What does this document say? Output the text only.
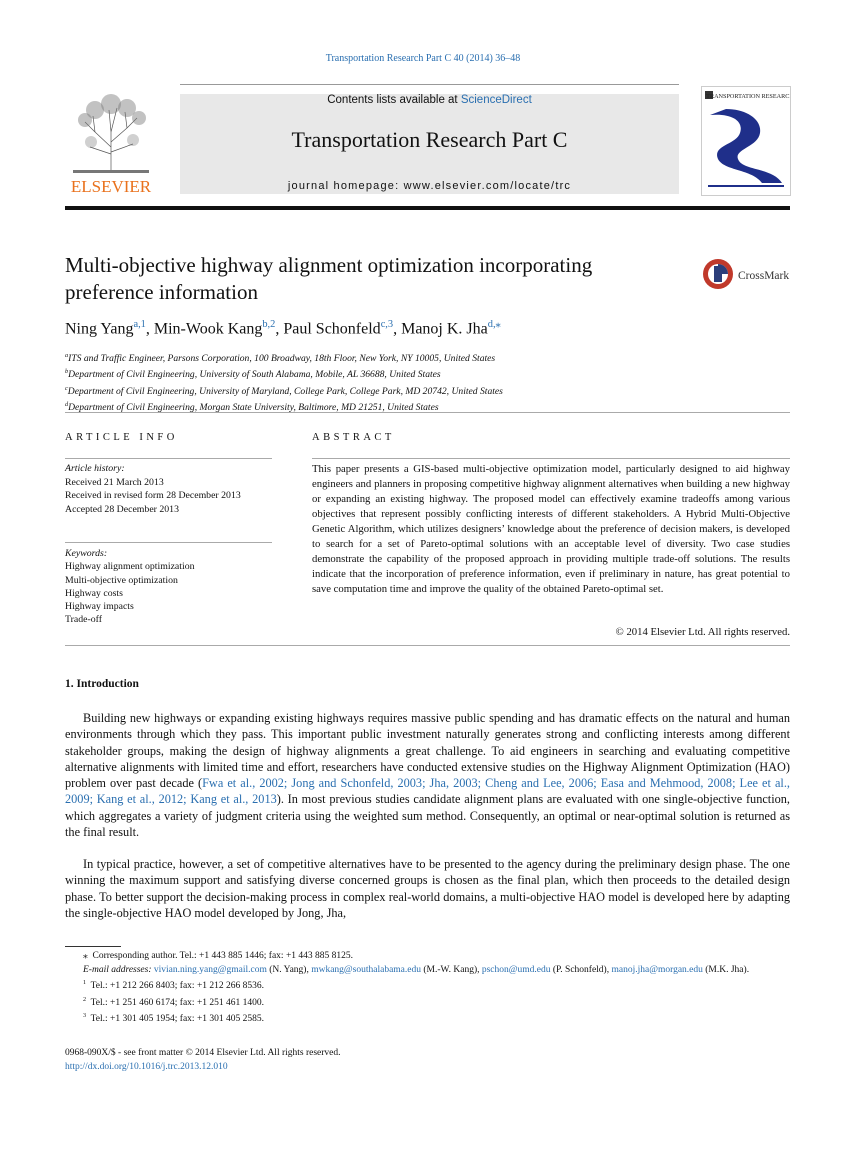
Transportation Research Part C 40 (2014) 36–48
ELSEVIER
Contents lists available at ScienceDirect
Transportation Research Part C
journal homepage: www.elsevier.com/locate/trc
TRANSPORTATION RESEARCH
Multi-objective highway alignment optimization incorporating preference information
CrossMark
Ning Yang$^{a,1}$, Min-Wook Kang$^{b,2}$, Paul Schonfeld$^{c,3}$, Manoj K. Jha$^{d,⁎}$
$^a$ITS and Traffic Engineer, Parsons Corporation, 100 Broadway, 18th Floor, New York, NY 10005, United States
$^b$Department of Civil Engineering, University of South Alabama, Mobile, AL 36688, United States
$^c$Department of Civil Engineering, University of Maryland, College Park, College Park, MD 20742, United States
$^d$Department of Civil Engineering, Morgan State University, Baltimore, MD 21251, United States
ARTICLE INFO	ABSTRACT
Article history:
Received 21 March 2013
Received in revised form 28 December 2013
Accepted 28 December 2013
Keywords:
Highway alignment optimization
Multi-objective optimization
Highway costs
Highway impacts
Trade-off
This paper presents a GIS-based multi-objective optimization model, particularly designed to aid highway engineers and planners in proposing competitive highway alignment alternatives when building a new highway or expanding an existing highway. The proposed model can effectively examine tradeoffs among various objectives that represent possibly conflicting interests of different stakeholders. A Hybrid Multi-Objective Genetic Algorithm, which utilizes designers’ knowledge about the preference of decision makers, is developed to search for a set of Pareto-optimal solutions with an acceptable level of diversity. Two case studies demonstrate the capability of the proposed approach in providing multiple trade-off solutions. The results indicate that the incorporation of preference information, even if preliminary in nature, has great potential to save computation time and improve the quality of the obtained Pareto-optimal set.
© 2014 Elsevier Ltd. All rights reserved.
1. Introduction
Building new highways or expanding existing highways requires massive public spending and has dramatic effects on the natural and human environments through which they pass. This important public investment naturally generates strong and conflicting interests among different stakeholder groups, making the design of highway alignments a great challenge. To aid engineers in searching and evaluating competitive alternative alignments with limited time and effort, researchers have conducted extensive studies on the Highway Alignment Optimization (HAO) problem over past decade (Fwa et al., 2002; Jong and Schonfeld, 2003; Jha, 2003; Cheng and Lee, 2006; Easa and Mehmood, 2008; Lee et al., 2009; Kang et al., 2012; Kang et al., 2013). In most previous studies candidate alignment plans are evaluated with one single-objective function, which aggregates a variety of judgment criteria using the weighted sum method. Consequently, an optimal or near-optimal solution is returned as the final result.
In typical practice, however, a set of competitive alternatives have to be presented to the agency during the preliminary design phase. The one winning the maximum support and satisfying diverse concerned groups is chosen as the final plan, which then proceeds to the detailed design phase. To better support the decision-making process in complex real-world domains, a multi-objective HAO model is developed here by adapting the single-objective HAO model developed by Jong, Jha,
⁎ Corresponding author. Tel.: +1 443 885 1446; fax: +1 443 885 8125.
E-mail addresses: vivian.ning.yang@gmail.com (N. Yang), mwkang@southalabama.edu (M.-W. Kang), pschon@umd.edu (P. Schonfeld), manoj.jha@morgan.edu (M.K. Jha).
$^1$ Tel.: +1 212 266 8403; fax: +1 212 266 8536.
$^2$ Tel.: +1 251 460 6174; fax: +1 251 461 1400.
$^3$ Tel.: +1 301 405 1954; fax: +1 301 405 2585.
0968-090X/$ - see front matter © 2014 Elsevier Ltd. All rights reserved.
http://dx.doi.org/10.1016/j.trc.2013.12.010
